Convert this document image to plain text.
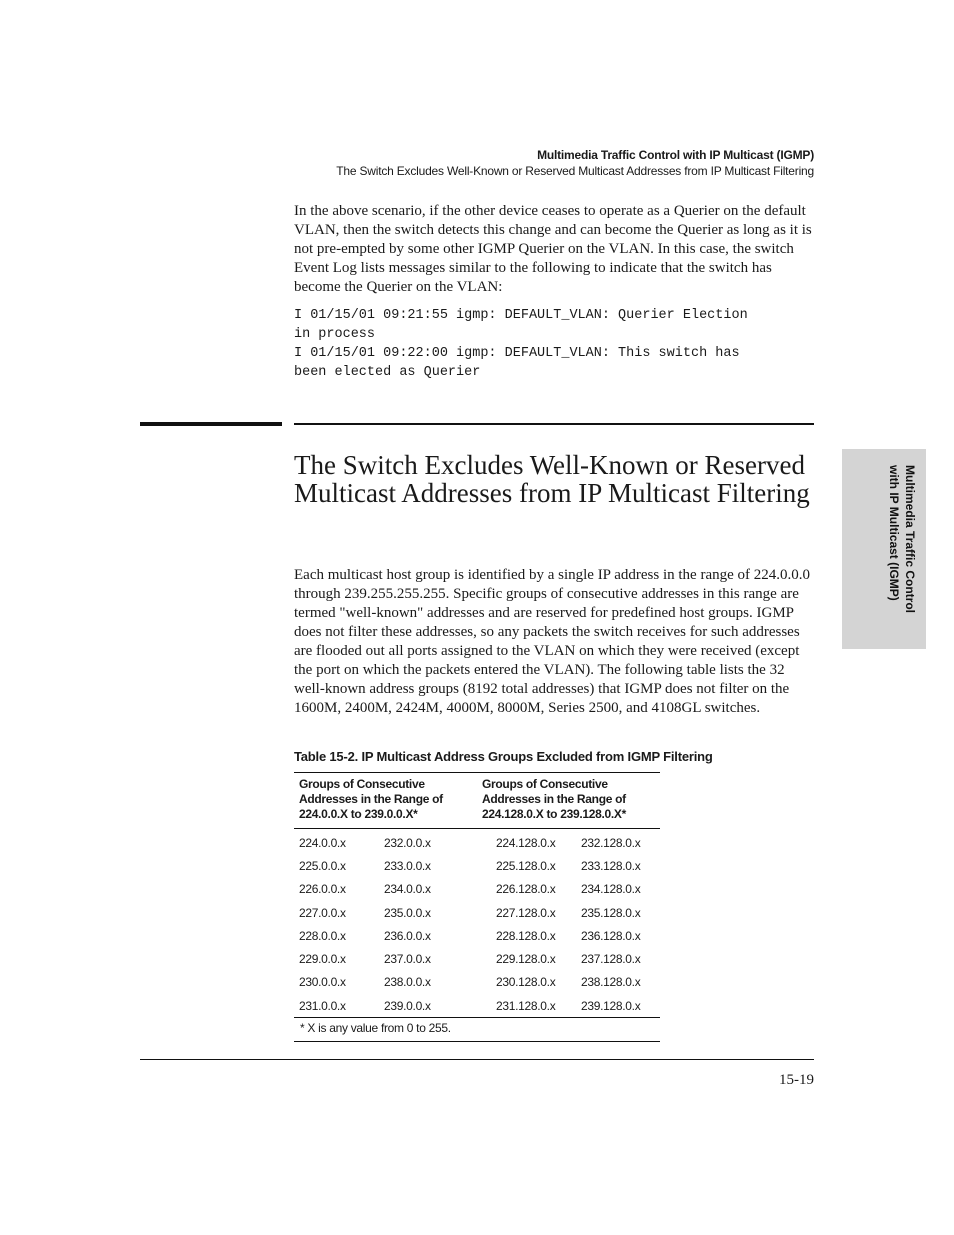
Multimedia Traffic Control with IP Multicast (IGMP)
The Switch Excludes Well-Known or Reserved Multicast Addresses from IP Multicast Filtering
In the above scenario, if the other device ceases to operate as a Querier on the default VLAN, then the switch detects this change and can become the Querier as long as it is not pre-empted by some other IGMP Querier on the VLAN. In this case, the switch Event Log lists messages similar to the following to indicate that the switch has become the Querier on the VLAN:
I 01/15/01 09:21:55 igmp: DEFAULT_VLAN: Querier Election
in process
I 01/15/01 09:22:00 igmp: DEFAULT_VLAN: This switch has
been elected as Querier
The Switch Excludes Well-Known or Reserved Multicast Addresses from IP Multicast Filtering	Multimedia Traffic Control with IP Multicast (IGMP)
Each multicast host group is identified by a single IP address in the range of 224.0.0.0 through 239.255.255.255. Specific groups of consecutive addresses in this range are termed "well-known" addresses and are reserved for predefined host groups. IGMP does not filter these addresses, so any packets the switch receives for such addresses are flooded out all ports assigned to the VLAN on which they were received (except the port on which the packets entered the VLAN). The following table lists the 32 well-known address groups (8192 total addresses) that IGMP does not filter on the 1600M, 2400M, 2424M, 4000M, 8000M, Series 2500, and 4108GL switches.
Table 15-2. IP Multicast Address Groups Excluded from IGMP Filtering
Groups of Consecutive
Addresses in the Range of
224.0.0.X to 239.0.0.X*
Groups of Consecutive
Addresses in the Range of
224.128.0.X to 239.128.0.X*
224.0.0.x	232.0.0.x	224.128.0.x	232.128.0.x
225.0.0.x	233.0.0.x	225.128.0.x	233.128.0.x
226.0.0.x	234.0.0.x	226.128.0.x	234.128.0.x
227.0.0.x	235.0.0.x	227.128.0.x	235.128.0.x
228.0.0.x	236.0.0.x	228.128.0.x	236.128.0.x
229.0.0.x	237.0.0.x	229.128.0.x	237.128.0.x
230.0.0.x	238.0.0.x	230.128.0.x	238.128.0.x
231.0.0.x	239.0.0.x	231.128.0.x	239.128.0.x
* X is any value from 0 to 255.
15-19
